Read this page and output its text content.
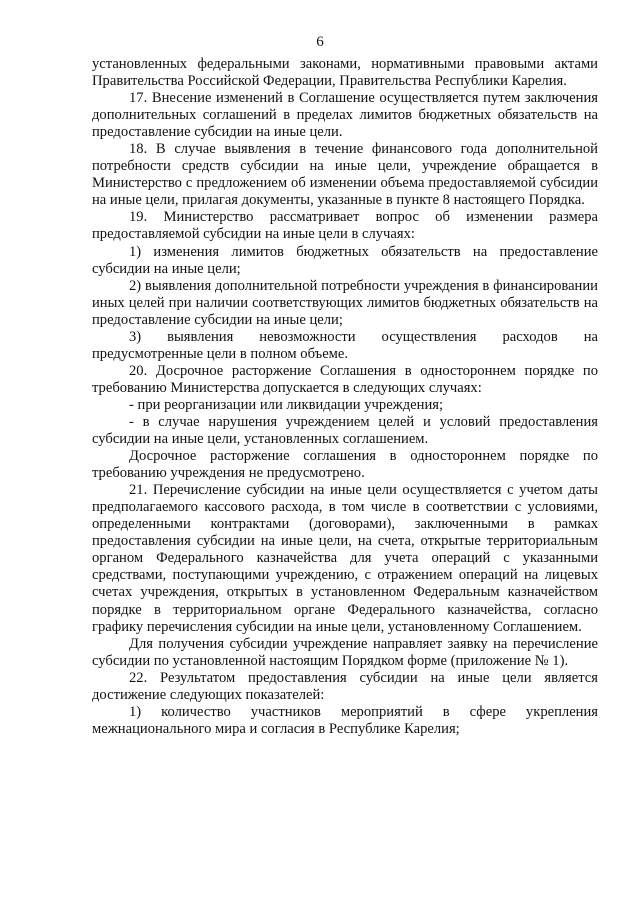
6

установленных федеральными законами, нормативными правовыми актами Правительства Российской Федерации, Правительства Республики Карелия.

17. Внесение изменений в Соглашение осуществляется путем заключения дополнительных соглашений в пределах лимитов бюджетных обязательств на предоставление субсидии на иные цели.

18. В случае выявления в течение финансового года дополнительной потребности средств субсидии на иные цели, учреждение обращается в Министерство с предложением об изменении объема предоставляемой субсидии на иные цели, прилагая документы, указанные в пункте 8 настоящего Порядка.

19. Министерство рассматривает вопрос об изменении размера предоставляемой субсидии на иные цели в случаях:

1) изменения лимитов бюджетных обязательств на предоставление субсидии на иные цели;

2) выявления дополнительной потребности учреждения в финансировании иных целей при наличии соответствующих лимитов бюджетных обязательств на предоставление субсидии на иные цели;

3) выявления невозможности осуществления расходов на предусмотренные цели в полном объеме.

20. Досрочное расторжение Соглашения в одностороннем порядке по требованию Министерства допускается в следующих случаях:

- при реорганизации или ликвидации учреждения;

- в случае нарушения учреждением целей и условий предоставления субсидии на иные цели, установленных соглашением.

Досрочное расторжение соглашения в одностороннем порядке по требованию учреждения не предусмотрено.

21. Перечисление субсидии на иные цели осуществляется с учетом даты предполагаемого кассового расхода, в том числе в соответствии с условиями, определенными контрактами (договорами), заключенными в рамках предоставления субсидии на иные цели, на счета, открытые территориальным органом Федерального казначейства для учета операций с указанными средствами, поступающими учреждению, с отражением операций на лицевых счетах учреждения, открытых в установленном Федеральным казначейством порядке в территориальном органе Федерального казначейства, согласно графику перечисления субсидии на иные цели, установленному Соглашением.

Для получения субсидии учреждение направляет заявку на перечисление субсидии по установленной настоящим Порядком форме (приложение № 1).

22. Результатом предоставления субсидии на иные цели является достижение следующих показателей:

1) количество участников мероприятий в сфере укрепления межнационального мира и согласия в Республике Карелия;
